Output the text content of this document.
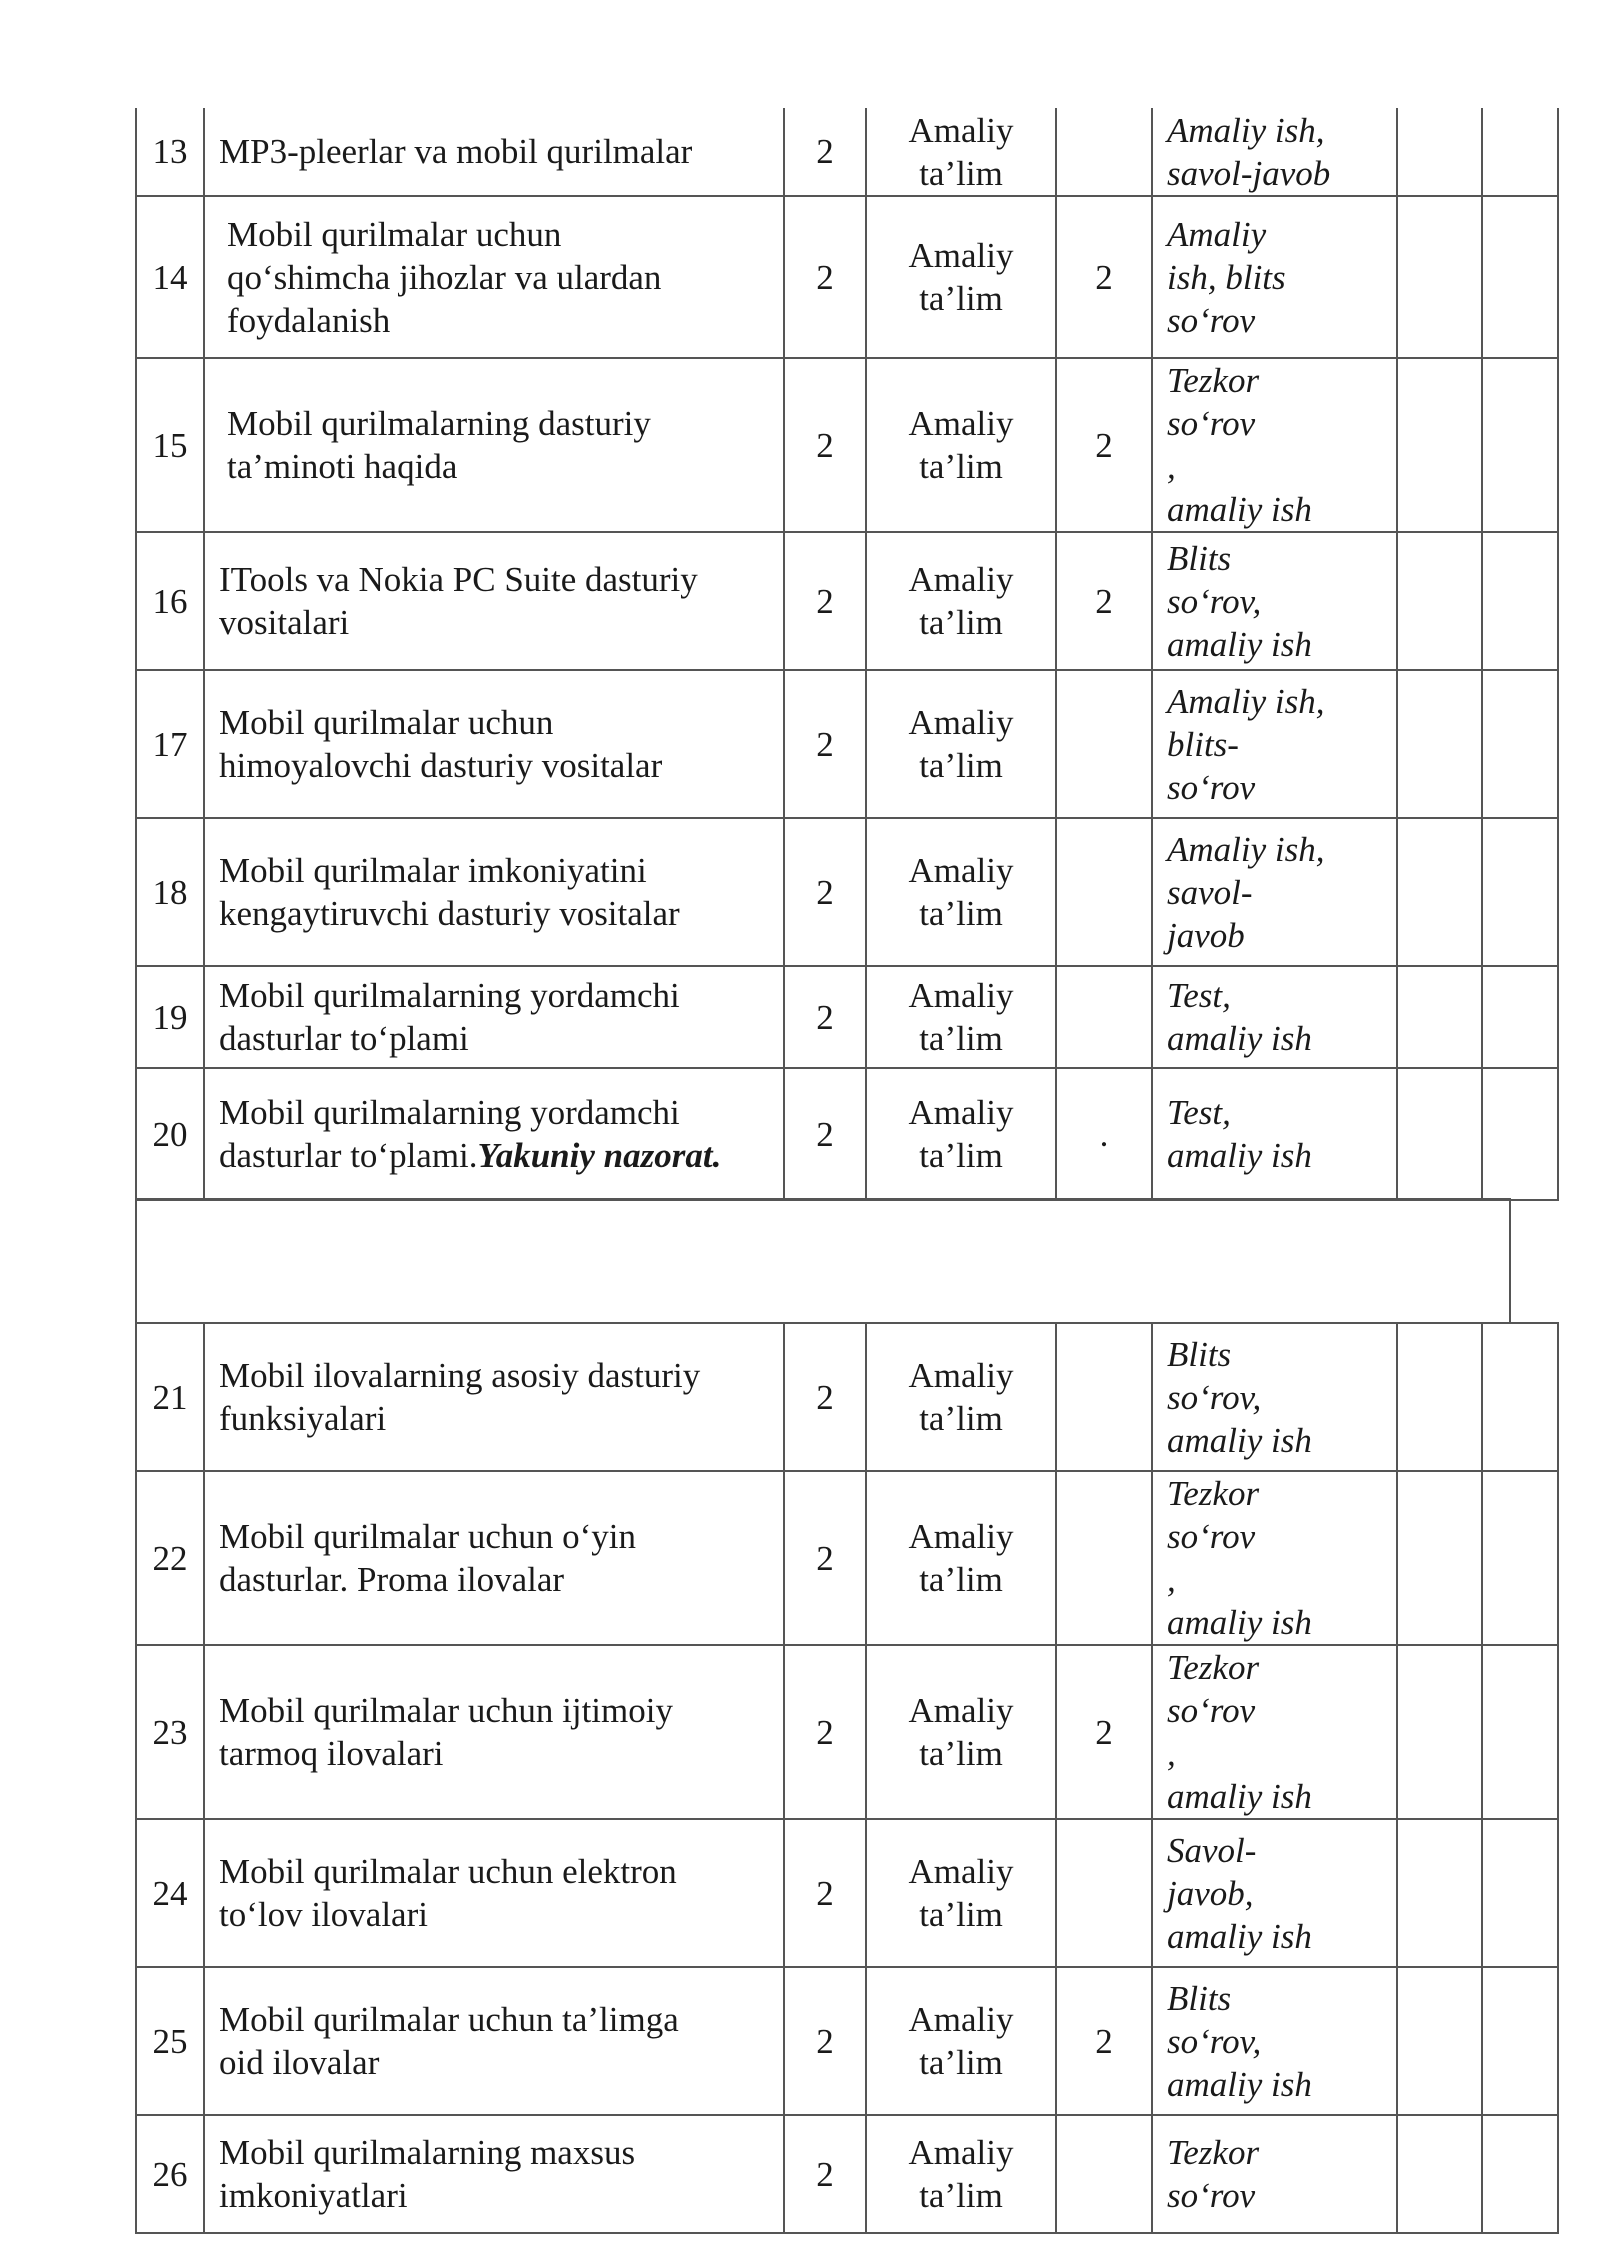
13	MP3-pleerlar va mobil qurilmalar	2	Amaliy
ta’lim		Amaliy ish,
savol-javob		

14	Mobil qurilmalar uchun
qo‘shimcha jihozlar va ulardan
foydalanish	2	Amaliy
ta’lim	2	Amaliy
ish, blits
so‘rov		

15	Mobil qurilmalarning dasturiy
ta’minoti haqida	2	Amaliy
ta’lim	2	Tezkor
so‘rov
,
amaliy ish		

16	ITools va Nokia PC Suite dasturiy
vositalari	2	Amaliy
ta’lim	2	Blits
so‘rov,
amaliy ish		

17	Mobil qurilmalar uchun
himoyalovchi dasturiy vositalar	2	Amaliy
ta’lim		Amaliy ish,
blits-
so‘rov		

18	Mobil qurilmalar imkoniyatini
kengaytiruvchi dasturiy vositalar	2	Amaliy
ta’lim		Amaliy ish,
savol-
javob		

19	Mobil qurilmalarning yordamchi
dasturlar to‘plami	2	Amaliy
ta’lim		Test,
amaliy ish		

20	Mobil qurilmalarning yordamchi
dasturlar to‘plami.Yakuniy nazorat.	2	Amaliy
ta’lim	.	Test,
amaliy ish		

21	Mobil ilovalarning asosiy dasturiy
funksiyalari	2	Amaliy
ta’lim		Blits
so‘rov,
amaliy ish		

22	Mobil qurilmalar uchun o‘yin
dasturlar. Proma ilovalar	2	Amaliy
ta’lim		Tezkor
so‘rov
,
amaliy ish		

23	Mobil qurilmalar uchun ijtimoiy
tarmoq ilovalari	2	Amaliy
ta’lim	2	Tezkor
so‘rov
,
amaliy ish		

24	Mobil qurilmalar uchun elektron
to‘lov ilovalari	2	Amaliy
ta’lim		Savol-
javob,
amaliy ish		

25	Mobil qurilmalar uchun ta’limga
oid ilovalar	2	Amaliy
ta’lim	2	Blits
so‘rov,
amaliy ish		

26	Mobil qurilmalarning maxsus
imkoniyatlari	2	Amaliy
ta’lim		Tezkor
so‘rov		
